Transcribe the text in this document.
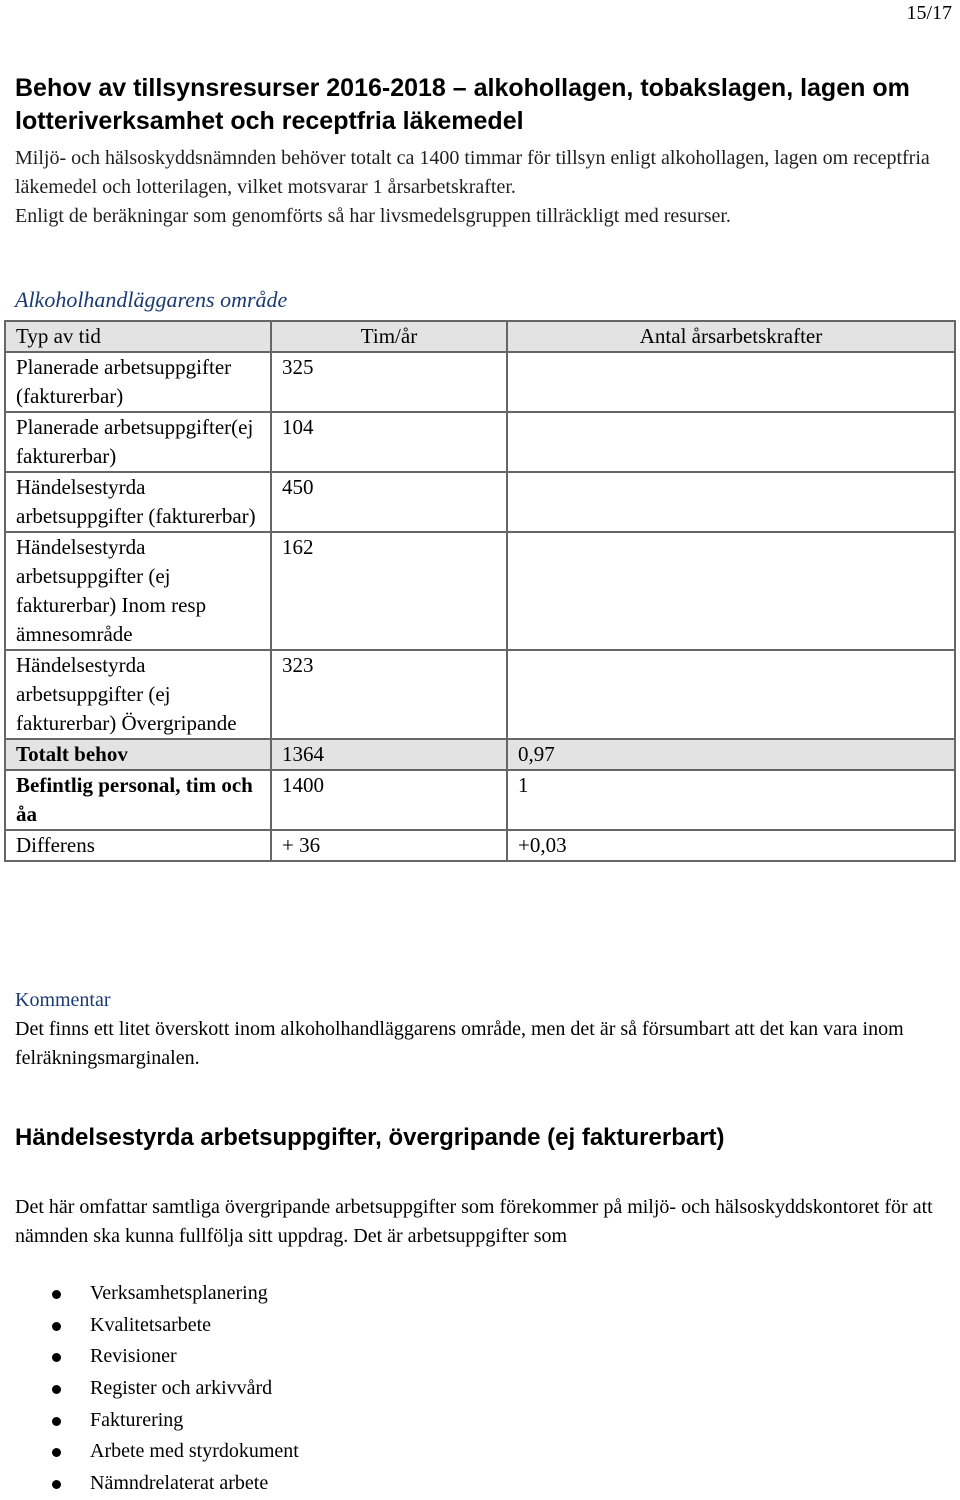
15/17
Behov av tillsynsresurser 2016-2018 – alkohollagen, tobakslagen, lagen om lotteriverksamhet och receptfria läkemedel

Miljö- och hälsoskyddsnämnden behöver totalt ca 1400 timmar för tillsyn enligt alkohollagen, lagen om receptfria läkemedel och lotterilagen, vilket motsvarar 1 årsarbetskrafter.

Enligt de beräkningar som genomförts så har livsmedelsgruppen tillräckligt med resurser.

Alkoholhandläggarens område
Typ av tid	Tim/år	Antal årsarbetskrafter
Planerade arbetsuppgifter (fakturerbar)	325	
Planerade arbetsuppgifter(ej fakturerbar)	104	
Händelsestyrda arbetsuppgifter (fakturerbar)	450	
Händelsestyrda arbetsuppgifter (ej fakturerbar) Inom resp ämnesområde	162	
Händelsestyrda arbetsuppgifter (ej fakturerbar) Övergripande	323	
Totalt behov	1364	0,97
Befintlig personal, tim och åa	1400	1
Differens	+ 36	+0,03

Kommentar

Det finns ett litet överskott inom alkoholhandläggarens område, men det är så försumbart att det kan vara inom felräkningsmarginalen.

Händelsestyrda arbetsuppgifter, övergripande (ej fakturerbart)

Det här omfattar samtliga övergripande arbetsuppgifter som förekommer på miljö- och hälsoskyddskontoret för att nämnden ska kunna fullfölja sitt uppdrag. Det är arbetsuppgifter som

Verksamhetsplanering
Kvalitetsarbete
Revisioner
Register och arkivvård
Fakturering
Arbete med styrdokument
Nämndrelaterat arbete
